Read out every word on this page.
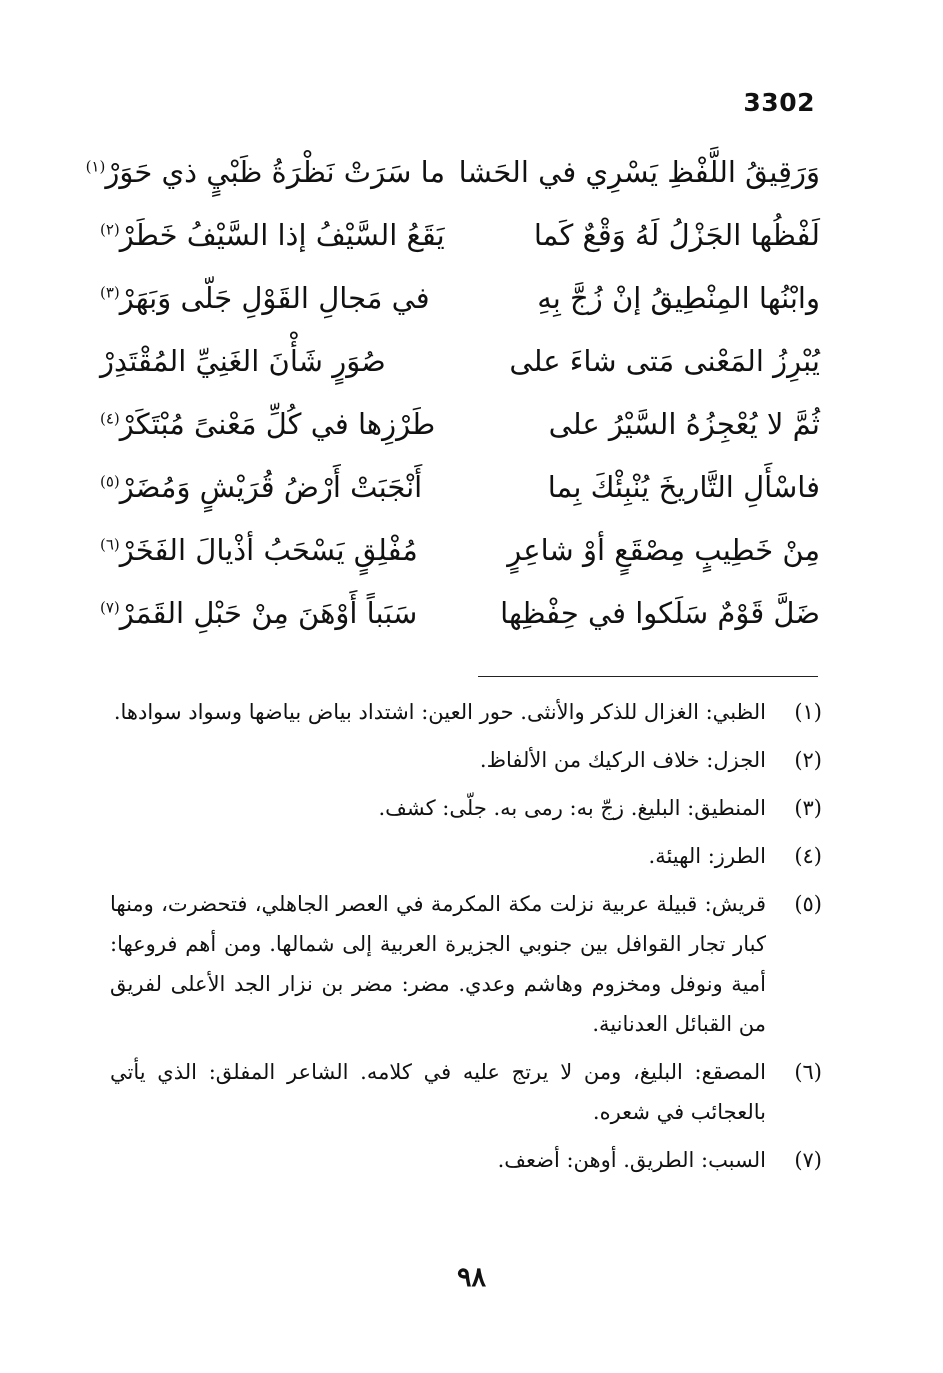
3302
وَرَقِيقُ اللَّفْظِ يَسْرِي في الحَشا
ما سَرَتْ نَظْرَةُ ظَبْيٍ ذي حَوَرْ$^{(١)}$
لَفْظُها الجَزْلُ لَهُ وَقْعٌ كَما
يَقَعُ السَّيْفُ إذا السَّيْفُ خَطَرْ$^{(٢)}$
وابْنُها المِنْطِيقُ إنْ زُجَّ بِهِ
في مَجالِ القَوْلِ جَلّى وَبَهَرْ$^{(٣)}$
يُبْرِزُ المَعْنى مَتى شاءَ على
صُوَرٍ شَأْنَ الغَنِيِّ المُقْتَدِرْ
ثُمَّ لا يُعْجِزُهُ السَّيْرُ على
طَرْزِها في كُلِّ مَعْنىً مُبْتَكَرْ$^{(٤)}$
فاسْأَلِ التَّاريخَ يُنْبِئْكَ بِما
أَنْجَبَتْ أَرْضُ قُرَيْشٍ وَمُضَرْ$^{(٥)}$
مِنْ خَطِيبٍ مِصْقَعٍ أوْ شاعِرٍ
مُفْلِقٍ يَسْحَبُ أذْيالَ الفَخَرْ$^{(٦)}$
ضَلَّ قَوْمٌ سَلَكوا في حِفْظِها
سَبَباً أَوْهَنَ مِنْ حَبْلِ القَمَرْ$^{(٧)}$
(١)
الظبي: الغزال للذكر والأنثى. حور العين: اشتداد بياض بياضها وسواد سوادها.
(٢)
الجزل: خلاف الركيك من الألفاظ.
(٣)
المنطيق: البليغ. زجّ به: رمى به. جلّى: كشف.
(٤)
الطرز: الهيئة.
(٥)
قريش: قبيلة عربية نزلت مكة المكرمة في العصر الجاهلي، فتحضرت، ومنها كبار تجار القوافل بين جنوبي الجزيرة العربية إلى شمالها. ومن أهم فروعها: أمية ونوفل ومخزوم وهاشم وعدي. مضر: مضر بن نزار الجد الأعلى لفريق من القبائل العدنانية.
(٦)
المصقع: البليغ، ومن لا يرتج عليه في كلامه. الشاعر المفلق: الذي يأتي بالعجائب في شعره.
(٧)
السبب: الطريق. أوهن: أضعف.
٩٨
